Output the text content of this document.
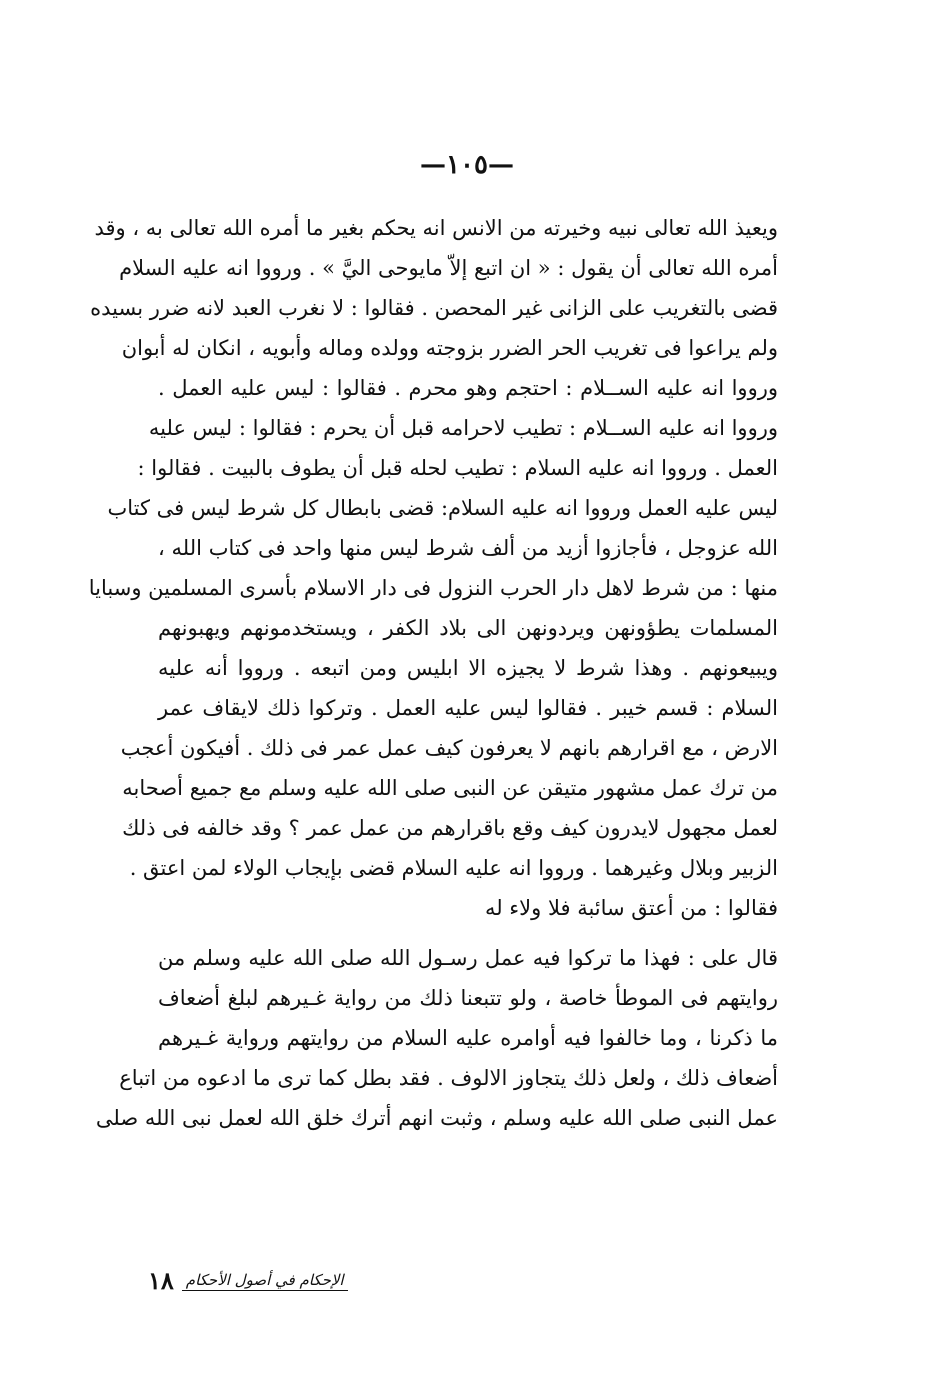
—١٠٥—
ويعيذ الله تعالى نبيه وخيرته من الانس انه يحكم بغير ما أمره الله تعالى به ، وقد
أمره الله تعالى أن يقول : « ان اتبع إلاّ مايوحى اليَّ » . ورووا انه عليه السلام
قضى بالتغريب على الزانى غير المحصن . فقالوا : لا نغرب العبد لانه ضرر بسيده
ولم يراعوا فى تغريب الحر الضرر بزوجته وولده وماله وأبويه ، انكان له أبوان
ورووا انه عليه الســلام : احتجم وهو محرم . فقالوا : ليس عليه العمل .
ورووا انه عليه الســلام : تطيب لاحرامه قبل أن يحرم : فقالوا : ليس عليه
العمل . ورووا انه عليه السلام : تطيب لحله قبل أن يطوف بالبيت . فقالوا :
ليس عليه العمل ورووا انه عليه السلام: قضى بابطال كل شرط ليس فى كتاب
الله عزوجل ، فأجازوا أزيد من ألف شرط ليس منها واحد فى كتاب الله ،
منها : من شرط لاهل دار الحرب النزول فى دار الاسلام بأسرى المسلمين وسبايا
المسلمات يطؤونهن ويردونهن الى بلاد الكفر ، ويستخدمونهم ويهبونهم
ويبيعونهم . وهذا شرط لا يجيزه الا ابليس ومن اتبعه . ورووا أنه عليه
السلام : قسم خيبر . فقالوا ليس عليه العمل . وتركوا ذلك لايقاف عمر
الارض ، مع اقرارهم بانهم لا يعرفون كيف عمل عمر فى ذلك . أفيكون أعجب
من ترك عمل مشهور متيقن عن النبى صلى الله عليه وسلم مع جميع أصحابه
لعمل مجهول لايدرون كيف وقع باقرارهم من عمل عمر ؟ وقد خالفه فى ذلك
الزبير وبلال وغيرهما . ورووا انه عليه السلام قضى بإيجاب الولاء لمن اعتق .
فقالوا : من أعتق سائبة فلا ولاء له
قال على : فهذا ما تركوا فيه عمل رسـول الله صلى الله عليه وسلم من
روايتهم فى الموطأ خاصة ، ولو تتبعنا ذلك من رواية غـيرهم لبلغ أضعاف
ما ذكرنا ، وما خالفوا فيه أوامره عليه السلام من روايتهم ورواية غـيرهم
أضعاف ذلك ، ولعل ذلك يتجاوز الالوف . فقد بطل كما ترى ما ادعوه من اتباع
عمل النبى صلى الله عليه وسلم ، وثبت انهم أترك خلق الله لعمل نبى الله صلى
١٨ الإحكام في أصول الأحكام
